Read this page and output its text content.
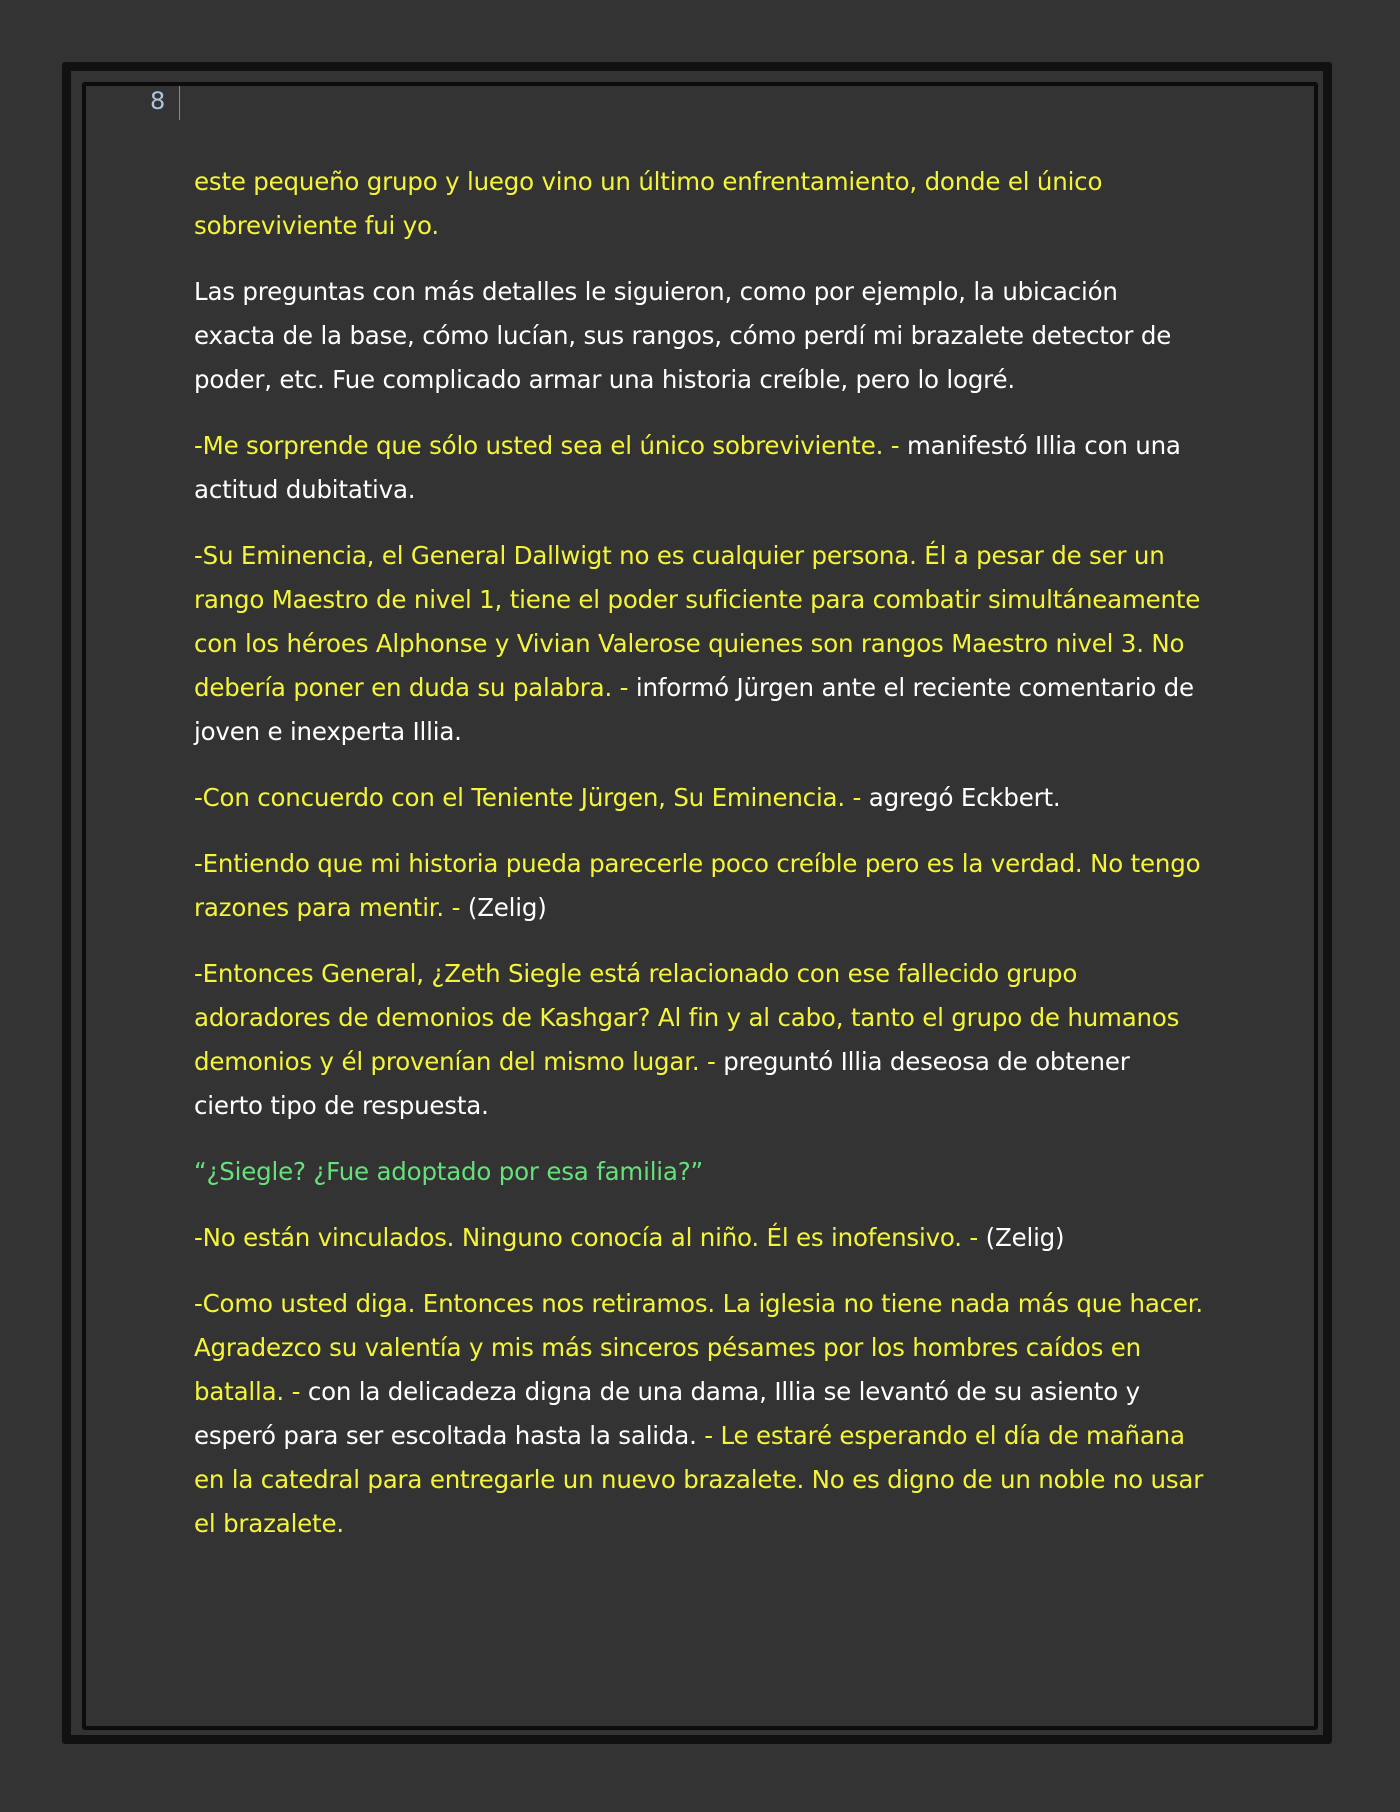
8

este pequeño grupo y luego vino un último enfrentamiento, donde el único sobreviviente fui yo.

Las preguntas con más detalles le siguieron, como por ejemplo, la ubicación exacta de la base, cómo lucían, sus rangos, cómo perdí mi brazalete detector de poder, etc. Fue complicado armar una historia creíble, pero lo logré.

-Me sorprende que sólo usted sea el único sobreviviente. - manifestó Illia con una actitud dubitativa.

-Su Eminencia, el General Dallwigt no es cualquier persona. Él a pesar de ser un rango Maestro de nivel 1, tiene el poder suficiente para combatir simultáneamente con los héroes Alphonse y Vivian Valerose quienes son rangos Maestro nivel 3. No debería poner en duda su palabra. - informó Jürgen ante el reciente comentario de joven e inexperta Illia.

-Con concuerdo con el Teniente Jürgen, Su Eminencia. - agregó Eckbert.

-Entiendo que mi historia pueda parecerle poco creíble pero es la verdad. No tengo razones para mentir. - (Zelig)

-Entonces General, ¿Zeth Siegle está relacionado con ese fallecido grupo adoradores de demonios de Kashgar? Al fin y al cabo, tanto el grupo de humanos demonios y él provenían del mismo lugar. - preguntó Illia deseosa de obtener cierto tipo de respuesta.

“¿Siegle? ¿Fue adoptado por esa familia?”

-No están vinculados. Ninguno conocía al niño. Él es inofensivo. - (Zelig)

-Como usted diga. Entonces nos retiramos. La iglesia no tiene nada más que hacer. Agradezco su valentía y mis más sinceros pésames por los hombres caídos en batalla. - con la delicadeza digna de una dama, Illia se levantó de su asiento y esperó para ser escoltada hasta la salida. - Le estaré esperando el día de mañana en la catedral para entregarle un nuevo brazalete. No es digno de un noble no usar el brazalete.
